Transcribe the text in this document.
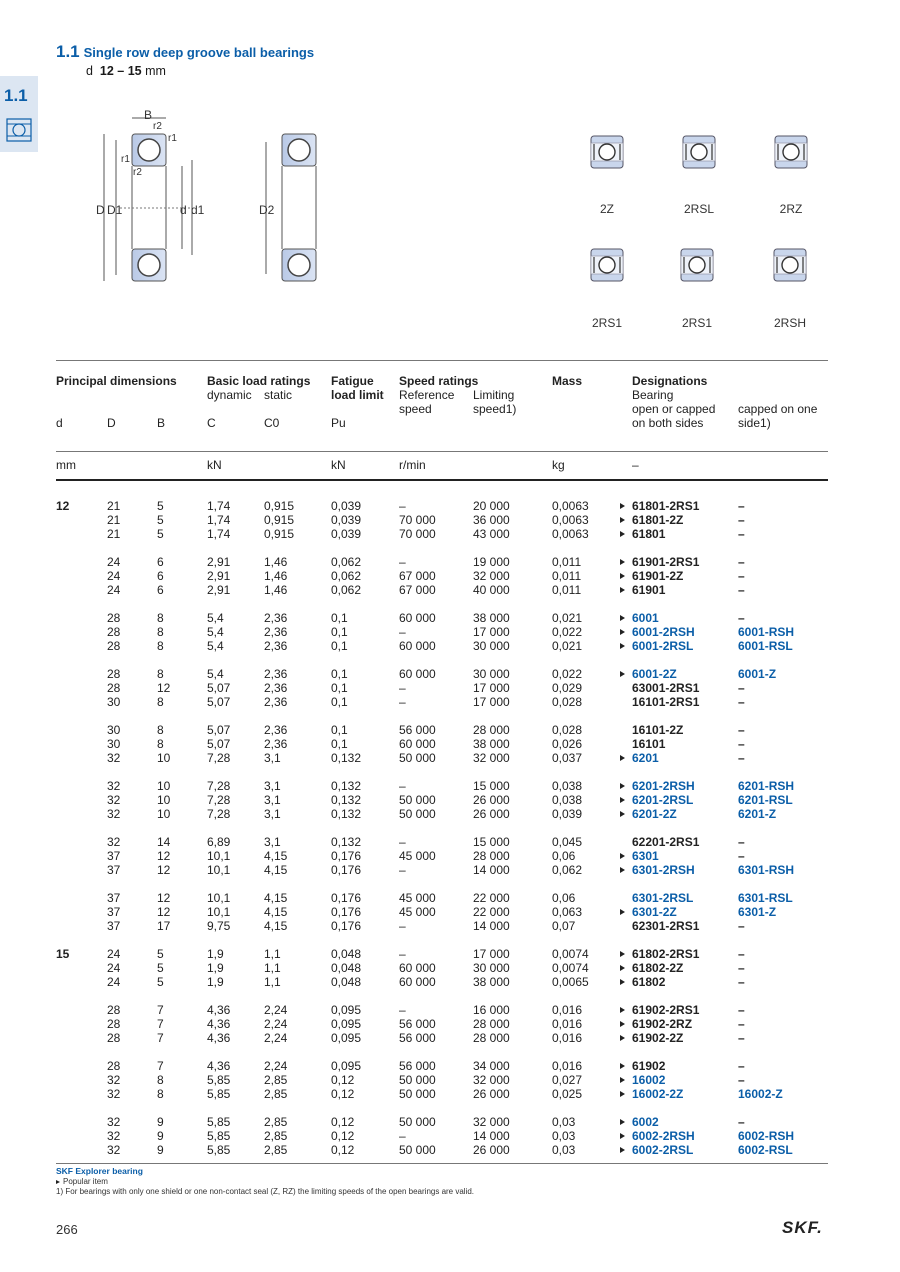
1.1 Single row deep groove ball bearings
d 12 – 15 mm
1.1
B
r2
r1
r1
r2
D D1	d d1	D2	2Z	2RSL	2RZ
2RS1	2RS1	2RSH
Principal dimensions	Basic load ratings
dynamic static
Fatigue
load limit
Speed ratings
Reference
speed
Limiting
speed1)
Mass	Designations
Bearing
open or capped
on both sides
capped on one
side1)
d	D	B	C	C0	Pu
mm	kN	kN	r/min	kg	–
12	21	5	1,74	0,915	0,039	–	20 000	0,0063	61801-2RS1	–
21	5	1,74	0,915	0,039	70 000	36 000	0,0063	61801-2Z	–
21	5	1,74	0,915	0,039	70 000	43 000	0,0063	61801	–
24	6	2,91	1,46	0,062	–	19 000	0,011	61901-2RS1	–
24	6	2,91	1,46	0,062	67 000	32 000	0,011	61901-2Z	–
24	6	2,91	1,46	0,062	67 000	40 000	0,011	61901	–
28	8	5,4	2,36	0,1	60 000	38 000	0,021	6001	–
28	8	5,4	2,36	0,1	–	17 000	0,022	6001-2RSH	6001-RSH
28	8	5,4	2,36	0,1	60 000	30 000	0,021	6001-2RSL	6001-RSL
28	8	5,4	2,36	0,1	60 000	30 000	0,022	6001-2Z	6001-Z
28	12	5,07	2,36	0,1	–	17 000	0,029	63001-2RS1	–
30	8	5,07	2,36	0,1	–	17 000	0,028	16101-2RS1	–
30	8	5,07	2,36	0,1	56 000	28 000	0,028	16101-2Z	–
30	8	5,07	2,36	0,1	60 000	38 000	0,026	16101	–
32	10	7,28	3,1	0,132	50 000	32 000	0,037	6201	–
32	10	7,28	3,1	0,132	–	15 000	0,038	6201-2RSH	6201-RSH
32	10	7,28	3,1	0,132	50 000	26 000	0,038	6201-2RSL	6201-RSL
32	10	7,28	3,1	0,132	50 000	26 000	0,039	6201-2Z	6201-Z
32	14	6,89	3,1	0,132	–	15 000	0,045	62201-2RS1	–
37	12	10,1	4,15	0,176	45 000	28 000	0,06	6301	–
37	12	10,1	4,15	0,176	–	14 000	0,062	6301-2RSH	6301-RSH
37	12	10,1	4,15	0,176	45 000	22 000	0,06	6301-2RSL	6301-RSL
37	12	10,1	4,15	0,176	45 000	22 000	0,063	6301-2Z	6301-Z
37	17	9,75	4,15	0,176	–	14 000	0,07	62301-2RS1	–
15	24	5	1,9	1,1	0,048	–	17 000	0,0074	61802-2RS1	–
24	5	1,9	1,1	0,048	60 000	30 000	0,0074	61802-2Z	–
24	5	1,9	1,1	0,048	60 000	38 000	0,0065	61802	–
28	7	4,36	2,24	0,095	–	16 000	0,016	61902-2RS1	–
28	7	4,36	2,24	0,095	56 000	28 000	0,016	61902-2RZ	–
28	7	4,36	2,24	0,095	56 000	28 000	0,016	61902-2Z	–
28	7	4,36	2,24	0,095	56 000	34 000	0,016	61902	–
32	8	5,85	2,85	0,12	50 000	32 000	0,027	16002	–
32	8	5,85	2,85	0,12	50 000	26 000	0,025	16002-2Z	16002-Z
32	9	5,85	2,85	0,12	50 000	32 000	0,03	6002	–
32	9	5,85	2,85	0,12	–	14 000	0,03	6002-2RSH	6002-RSH
32	9	5,85	2,85	0,12	50 000	26 000	0,03	6002-2RSL	6002-RSL
SKF Explorer bearing
Popular item
1) For bearings with only one shield or one non-contact seal (Z, RZ) the limiting speeds of the open bearings are valid.
266	SKF.
